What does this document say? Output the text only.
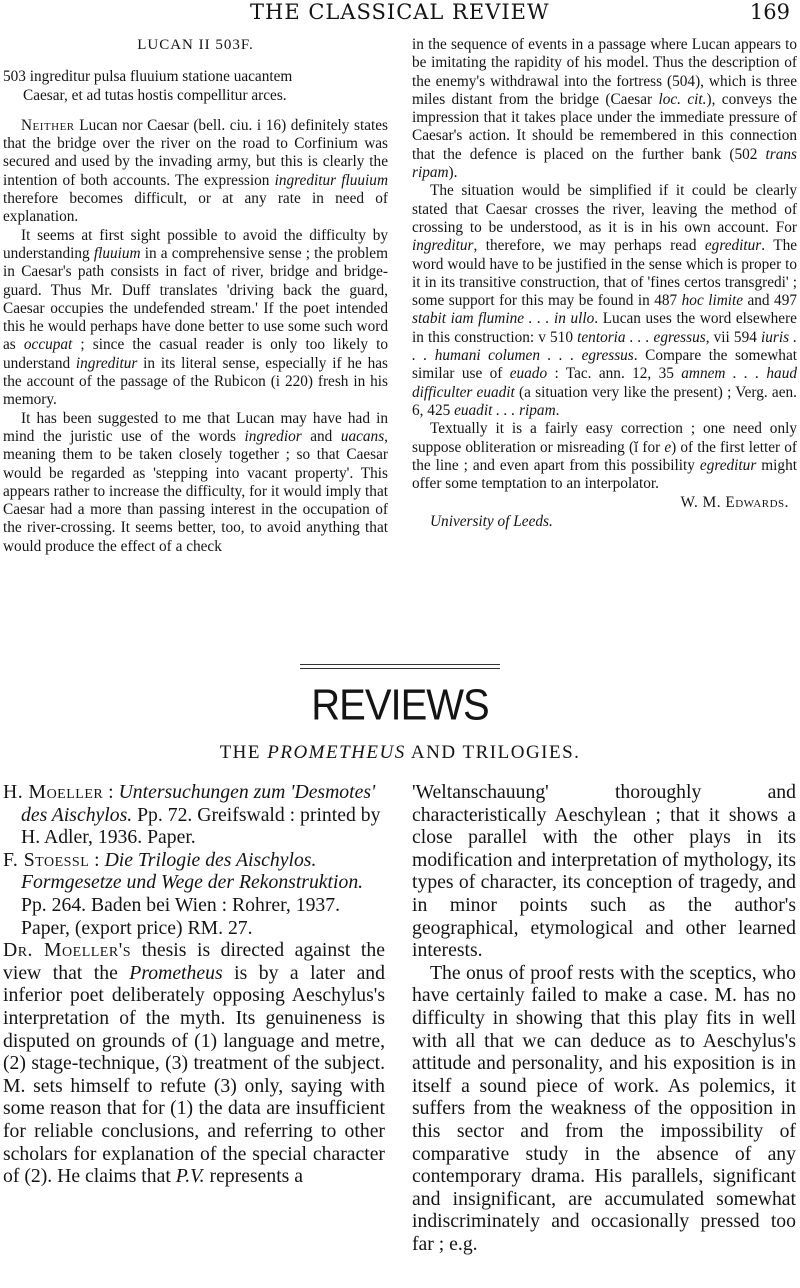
THE CLASSICAL REVIEW	169
LUCAN II 503F.
503 ingreditur pulsa fluuium statione uacantem
Caesar, et ad tutas hostis compellitur arces.

Neither Lucan nor Caesar (bell. ciu. i 16) definitely states that the bridge over the river on the road to Corfinium was secured and used by the invading army, but this is clearly the intention of both accounts. The expression ingreditur fluuium therefore becomes difficult, or at any rate in need of explanation.

It seems at first sight possible to avoid the difficulty by understanding fluuium in a comprehensive sense ; the problem in Caesar's path consists in fact of river, bridge and bridge-guard. Thus Mr. Duff translates 'driving back the guard, Caesar occupies the undefended stream.' If the poet intended this he would perhaps have done better to use some such word as occupat ; since the casual reader is only too likely to understand ingreditur in its literal sense, especially if he has the account of the passage of the Rubicon (i 220) fresh in his memory.

It has been suggested to me that Lucan may have had in mind the juristic use of the words ingredior and uacans, meaning them to be taken closely together ; so that Caesar would be regarded as 'stepping into vacant property'. This appears rather to increase the difficulty, for it would imply that Caesar had a more than passing interest in the occupation of the river-crossing. It seems better, too, to avoid anything that would produce the effect of a check

in the sequence of events in a passage where Lucan appears to be imitating the rapidity of his model. Thus the description of the enemy's withdrawal into the fortress (504), which is three miles distant from the bridge (Caesar loc. cit.), conveys the impression that it takes place under the immediate pressure of Caesar's action. It should be remembered in this connection that the defence is placed on the further bank (502 trans ripam).

The situation would be simplified if it could be clearly stated that Caesar crosses the river, leaving the method of crossing to be understood, as it is in his own account. For ingreditur, therefore, we may perhaps read egreditur. The word would have to be justified in the sense which is proper to it in its transitive construction, that of 'fines certos transgredi' ; some support for this may be found in 487 hoc limite and 497 stabit iam flumine . . . in ullo. Lucan uses the word elsewhere in this construction: v 510 tentoria . . . egressus, vii 594 iuris . . . humani columen . . . egressus. Compare the somewhat similar use of euado : Tac. ann. 12, 35 amnem . . . haud difficulter euadit (a situation very like the present) ; Verg. aen. 6, 425 euadit . . . ripam.

Textually it is a fairly easy correction ; one need only suppose obliteration or misreading (ĭ for e) of the first letter of the line ; and even apart from this possibility egreditur might offer some temptation to an interpolator.

W. M. Edwards.
University of Leeds.
REVIEWS
THE PROMETHEUS AND TRILOGIES.

H. Moeller : Untersuchungen zum 'Desmotes' des Aischylos. Pp. 72. Greifswald : printed by H. Adler, 1936. Paper.

F. Stoessl : Die Trilogie des Aischylos. Formgesetze und Wege der Rekonstruktion. Pp. 264. Baden bei Wien : Rohrer, 1937. Paper, (export price) RM. 27.

Dr. Moeller's thesis is directed against the view that the Prometheus is by a later and inferior poet deliberately opposing Aeschylus's interpretation of the myth. Its genuineness is disputed on grounds of (1) language and metre, (2) stage-technique, (3) treatment of the subject. M. sets himself to refute (3) only, saying with some reason that for (1) the data are insufficient for reliable conclusions, and referring to other scholars for explanation of the special character of (2). He claims that P.V. represents a

'Weltanschauung' thoroughly and characteristically Aeschylean ; that it shows a close parallel with the other plays in its modification and interpretation of mythology, its types of character, its conception of tragedy, and in minor points such as the author's geographical, etymological and other learned interests.

The onus of proof rests with the sceptics, who have certainly failed to make a case. M. has no difficulty in showing that this play fits in well with all that we can deduce as to Aeschylus's attitude and personality, and his exposition is in itself a sound piece of work. As polemics, it suffers from the weakness of the opposition in this sector and from the impossibility of comparative study in the absence of any contemporary drama. His parallels, significant and insignificant, are accumulated somewhat indiscriminately and occasionally pressed too far ; e.g.
